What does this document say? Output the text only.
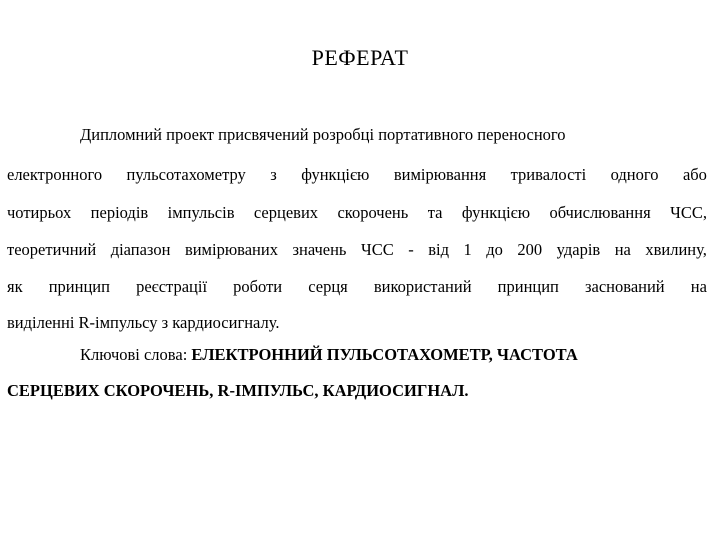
РЕФЕРАТ
Дипломний проект присвячений розробці портативного переносного
електронного пульсотахометру з функцією вимірювання тривалості одного або
чотирьох періодів імпульсів серцевих скорочень та функцією обчислювання ЧСС,
теоретичний діапазон вимірюваних значень ЧСС - від 1 до 200 ударів на хвилину,
як принцип реєстрації роботи серця використаний принцип заснований на
виділенні R-імпульсу з кардиосигналу.
Ключові слова: ЕЛЕКТРОННИЙ ПУЛЬСОТАХОМЕТР, ЧАСТОТА
СЕРЦЕВИХ СКОРОЧЕНЬ, R-ІМПУЛЬС, КАРДИОСИГНАЛ.
